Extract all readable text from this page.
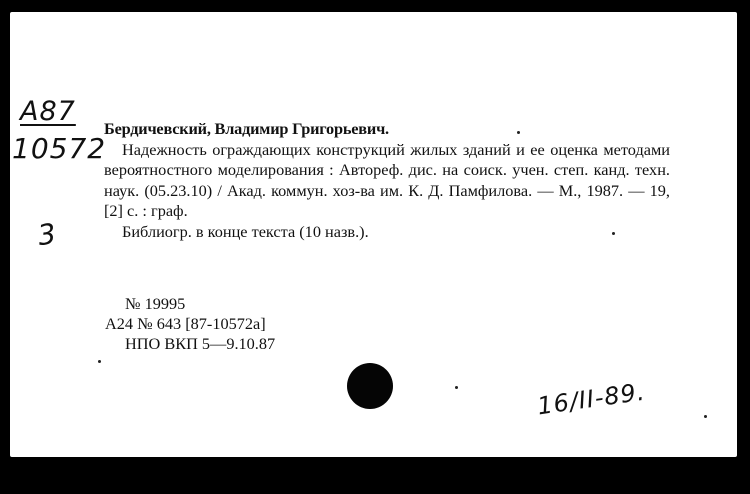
A87
10572
3
Бердичевский, Владимир Григорьевич.
Надежность ограждающих конструкций жилых зданий и ее оценка методами вероятностного моделирования : Автореф. дис. на соиск. учен. степ. канд. техн. наук. (05.23.10) / Акад. коммун. хоз-ва им. К. Д. Памфилова. — М., 1987. — 19, [2] с. : граф.
Библиогр. в конце текста (10 назв.).
№ 19995
А24 № 643 [87-10572а]
НПО ВКП 5—9.10.87
16/II-89.
